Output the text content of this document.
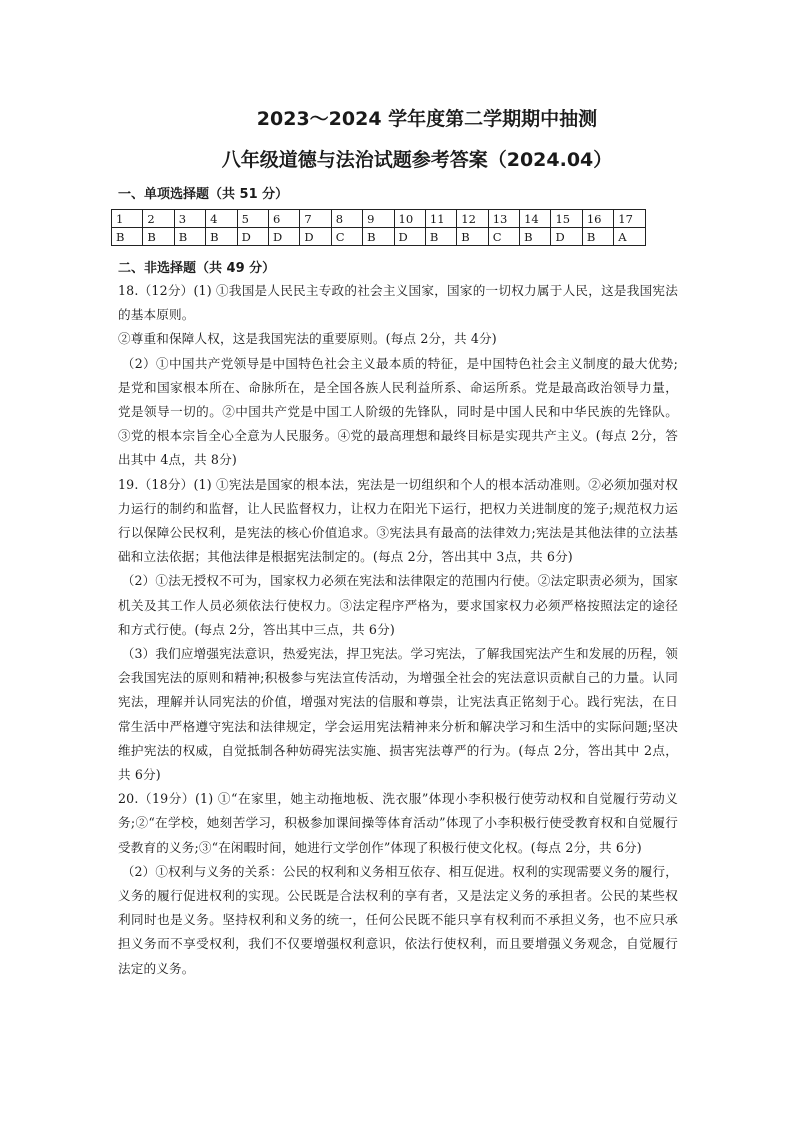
2023～2024 学年度第二学期期中抽测
八年级道德与法治试题参考答案（2024.04）
一、单项选择题（共 51 分）
1	2	3	4	5	6	7	8	9	10	11	12	13	14	15	16	17
B	B	B	B	D	D	D	C	B	D	B	B	C	B	D	B	A
二、非选择题（共 49 分）

18.（12分）(1) ①我国是人民民主专政的社会主义国家，国家的一切权力属于人民，这是我国宪法的基本原则。

②尊重和保障人权，这是我国宪法的重要原则。(每点 2分，共 4分)

（2）①中国共产党领导是中国特色社会主义最本质的特征，是中国特色社会主义制度的最大优势;是党和国家根本所在、命脉所在，是全国各族人民利益所系、命运所系。党是最高政治领导力量，党是领导一切的。②中国共产党是中国工人阶级的先锋队，同时是中国人民和中华民族的先锋队。③党的根本宗旨全心全意为人民服务。④党的最高理想和最终目标是实现共产主义。(每点 2分，答出其中 4点，共 8分)

19.（18分）(1) ①宪法是国家的根本法，宪法是一切组织和个人的根本活动准则。②必须加强对权力运行的制约和监督，让人民监督权力，让权力在阳光下运行，把权力关进制度的笼子;规范权力运行以保障公民权利，是宪法的核心价值追求。③宪法具有最高的法律效力;宪法是其他法律的立法基础和立法依据；其他法律是根据宪法制定的。(每点 2分，答出其中 3点，共 6分)

（2）①法无授权不可为，国家权力必须在宪法和法律限定的范围内行使。②法定职责必须为，国家机关及其工作人员必须依法行使权力。③法定程序严格为，要求国家权力必须严格按照法定的途径和方式行使。(每点 2分，答出其中三点，共 6分)

（3）我们应增强宪法意识，热爱宪法，捍卫宪法。学习宪法，了解我国宪法产生和发展的历程，领会我国宪法的原则和精神;积极参与宪法宣传活动，为增强全社会的宪法意识贡献自己的力量。认同宪法，理解并认同宪法的价值，增强对宪法的信服和尊崇，让宪法真正铭刻于心。践行宪法，在日常生活中严格遵守宪法和法律规定，学会运用宪法精神来分析和解决学习和生活中的实际问题;坚决维护宪法的权威，自觉抵制各种妨碍宪法实施、损害宪法尊严的行为。(每点 2分，答出其中 2点，共 6分)

20.（19分）(1) ①“在家里，她主动拖地板、洗衣服”体现小李积极行使劳动权和自觉履行劳动义务;②“在学校，她刻苦学习，积极参加课间操等体育活动”体现了小李积极行使受教育权和自觉履行受教育的义务;③“在闲暇时间，她进行文学创作”体现了积极行使文化权。(每点 2分，共 6分)

（2）①权利与义务的关系：公民的权利和义务相互依存、相互促进。权利的实现需要义务的履行，义务的履行促进权利的实现。公民既是合法权利的享有者，又是法定义务的承担者。公民的某些权利同时也是义务。坚持权利和义务的统一，任何公民既不能只享有权利而不承担义务，也不应只承担义务而不享受权利，我们不仅要增强权利意识，依法行使权利，而且要增强义务观念，自觉履行法定的义务。
